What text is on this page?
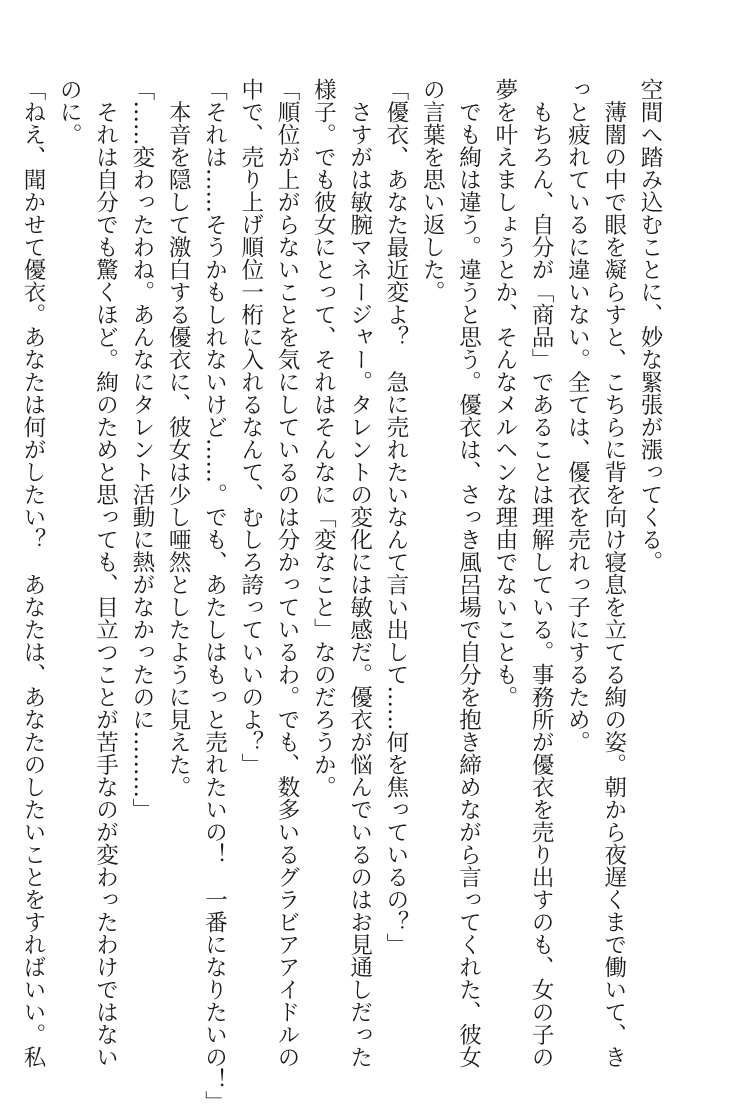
空間へ踏み込むことに、妙な緊張が漲ってくる。
　薄闇の中で眼を凝らすと、こちらに背を向け寝息を立てる絢の姿。朝から夜遅くまで働いて、き
っと疲れているに違いない。全ては、優衣を売れっ子にするため。
　もちろん、自分が「商品」であることは理解している。事務所が優衣を売り出すのも、女の子の
夢を叶えましょうとか、そんなメルヘンな理由でないことも。
　でも絢は違う。違うと思う。優衣は、さっき風呂場で自分を抱き締めながら言ってくれた、彼女
の言葉を思い返した。
「優衣、あなた最近変よ？　急に売れたいなんて言い出して……何を焦っているの？」
　さすがは敏腕マネージャー。タレントの変化には敏感だ。優衣が悩んでいるのはお見通しだった
様子。でも彼女にとって、それはそんなに「変なこと」なのだろうか。
「順位が上がらないことを気にしているのは分かっているわ。でも、数多いるグラビアアイドルの
中で、売り上げ順位一桁に入れるなんて、むしろ誇っていいのよ？」
「それは……そうかもしれないけど……。でも、あたしはもっと売れたいの！　一番になりたいの！」
　本音を隠して激白する優衣に、彼女は少し唖然としたように見えた。
「……変わったわね。あんなにタレント活動に熱がなかったのに………」
　それは自分でも驚くほど。絢のためと思っても、目立つことが苦手なのが変わったわけではない
のに。
「ねえ、聞かせて優衣。あなたは何がしたい？　あなたは、あなたのしたいことをすればいい。私
